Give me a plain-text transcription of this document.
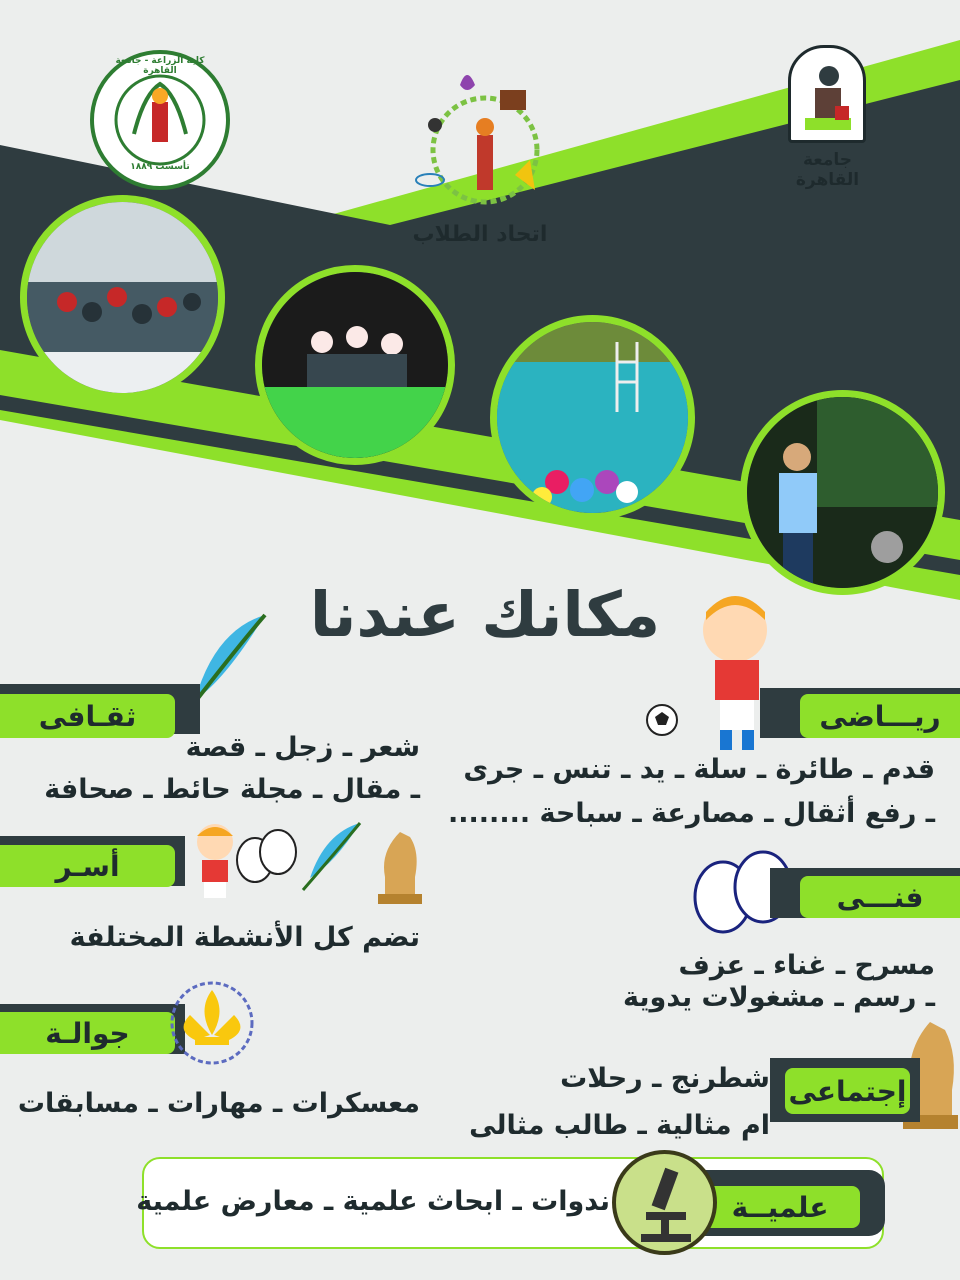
كلية الزراعة - جامعة القاهرة
تأسست ١٨٨٩
اتحاد الطلاب
جامعة القاهرة
مكانك عندنا
ريـــاضى
قدم ـ طائرة ـ سلة ـ يد ـ تنس ـ جرى
ـ رفع أثقال ـ مصارعة ـ سباحة ........
ثقـافى
شعر ـ زجل ـ قصة
ـ مقال ـ مجلة حائط ـ صحافة
أسـر
تضم كل الأنشطة المختلفة
فنـــى
مسرح ـ غناء ـ عزف
ـ رسم ـ مشغولات يدوية
جوالـة
معسكرات ـ مهارات ـ مسابقات	إجتماعى
شطرنج ـ رحلات
ام مثالية ـ طالب مثالى
علميــة
ندوات ـ ابحاث علمية ـ معارض علمية
